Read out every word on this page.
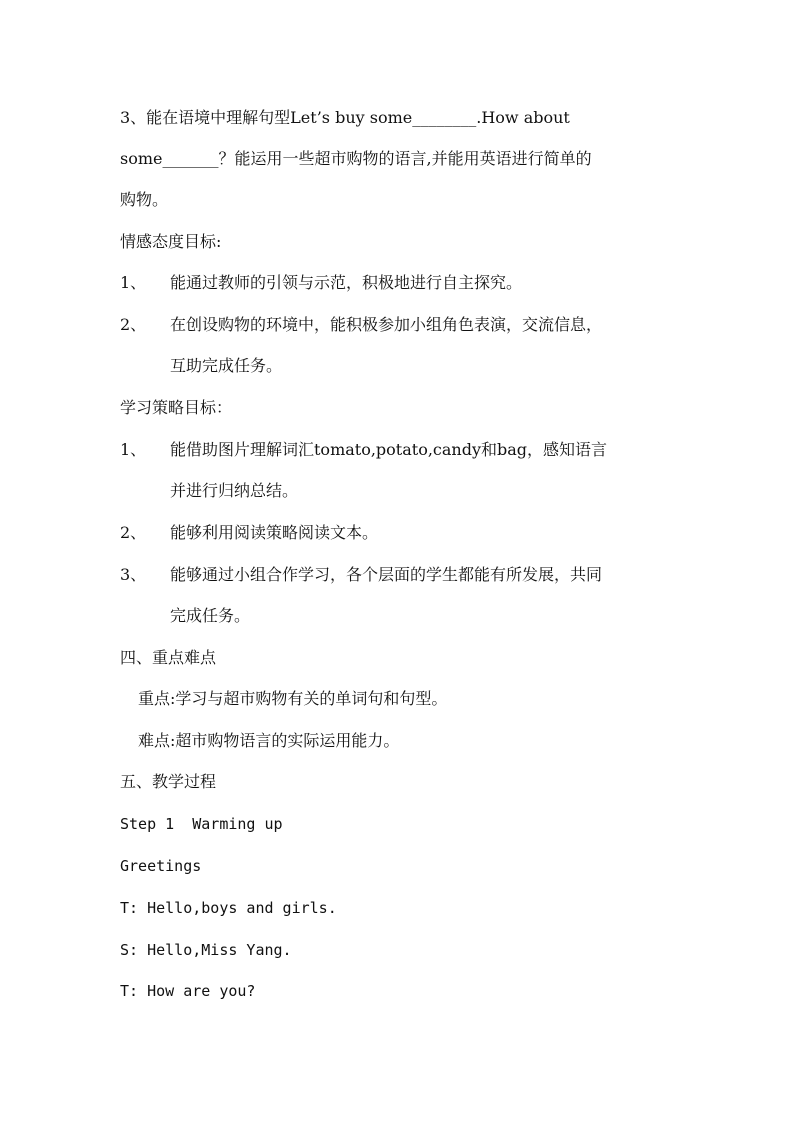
3、能在语境中理解句型Let’s buy some________.How about
some_______？能运用一些超市购物的语言,并能用英语进行简单的
购物。
情感态度目标:
1、 能通过教师的引领与示范，积极地进行自主探究。
2、 在创设购物的环境中，能积极参加小组角色表演，交流信息，
互助完成任务。
学习策略目标：
1、 能借助图片理解词汇tomato,potato,candy和bag，感知语言
并进行归纳总结。
2、 能够利用阅读策略阅读文本。
3、 能够通过小组合作学习，各个层面的学生都能有所发展，共同
完成任务。
四、重点难点
重点:学习与超市购物有关的单词句和句型。
难点:超市购物语言的实际运用能力。
五、教学过程
Step 1  Warming up
Greetings
T: Hello,boys and girls.
S: Hello,Miss Yang.
T: How are you?
